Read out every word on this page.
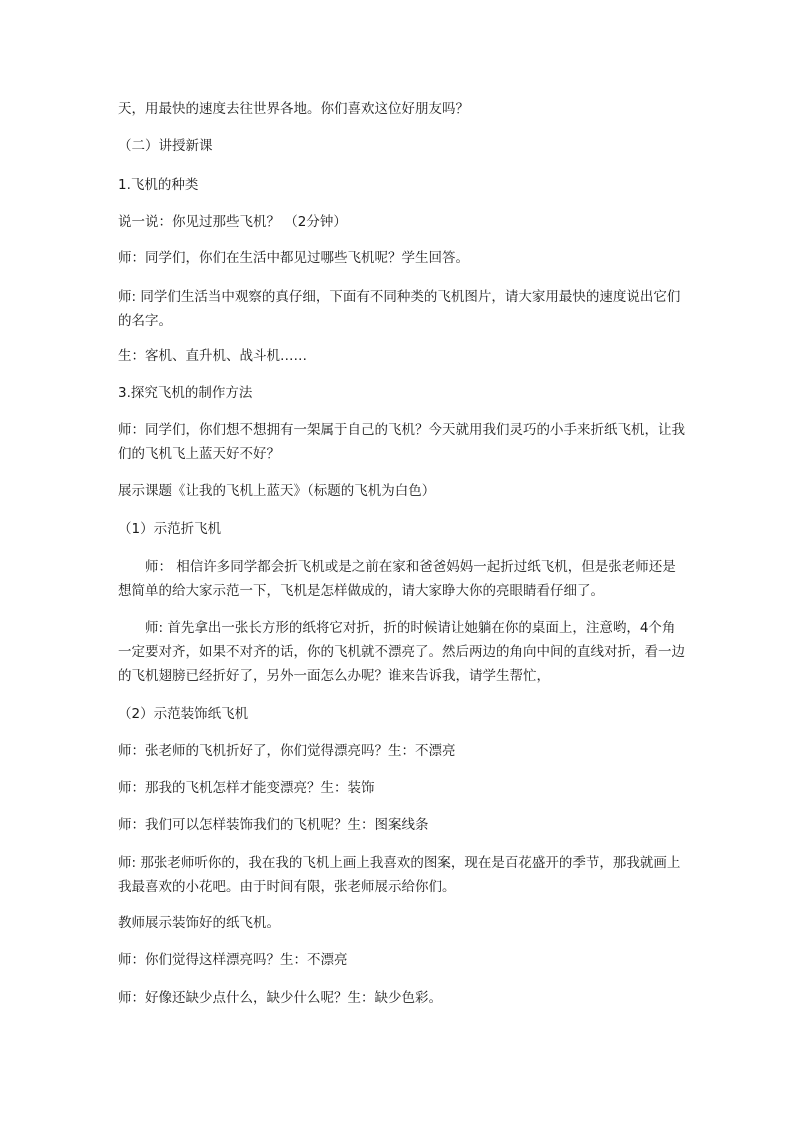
天，用最快的速度去往世界各地。你们喜欢这位好朋友吗？
（二）讲授新课
1.飞机的种类
说一说：你见过那些飞机？ （2分钟）
师：同学们，你们在生活中都见过哪些飞机呢？学生回答。
师: 同学们生活当中观察的真仔细，下面有不同种类的飞机图片，请大家用最快的速度说出它们的名字。
生：客机、直升机、战斗机……
3.探究飞机的制作方法
师：同学们，你们想不想拥有一架属于自己的飞机？今天就用我们灵巧的小手来折纸飞机，让我们的飞机飞上蓝天好不好？
展示课题《让我的飞机上蓝天》（标题的飞机为白色）
（1）示范折飞机
师： 相信许多同学都会折飞机或是之前在家和爸爸妈妈一起折过纸飞机，但是张老师还是想简单的给大家示范一下，飞机是怎样做成的，请大家睁大你的亮眼睛看仔细了。
师: 首先拿出一张长方形的纸将它对折，折的时候请让她躺在你的桌面上，注意哟，4个角一定要对齐，如果不对齐的话，你的飞机就不漂亮了。然后两边的角向中间的直线对折，看一边的飞机翅膀已经折好了，另外一面怎么办呢？谁来告诉我，请学生帮忙，
（2）示范装饰纸飞机
师：张老师的飞机折好了，你们觉得漂亮吗？生：不漂亮
师：那我的飞机怎样才能变漂亮？生：装饰
师：我们可以怎样装饰我们的飞机呢？生：图案线条
师: 那张老师听你的，我在我的飞机上画上我喜欢的图案，现在是百花盛开的季节，那我就画上我最喜欢的小花吧。由于时间有限，张老师展示给你们。
教师展示装饰好的纸飞机。
师：你们觉得这样漂亮吗？生：不漂亮
师：好像还缺少点什么，缺少什么呢？生：缺少色彩。
